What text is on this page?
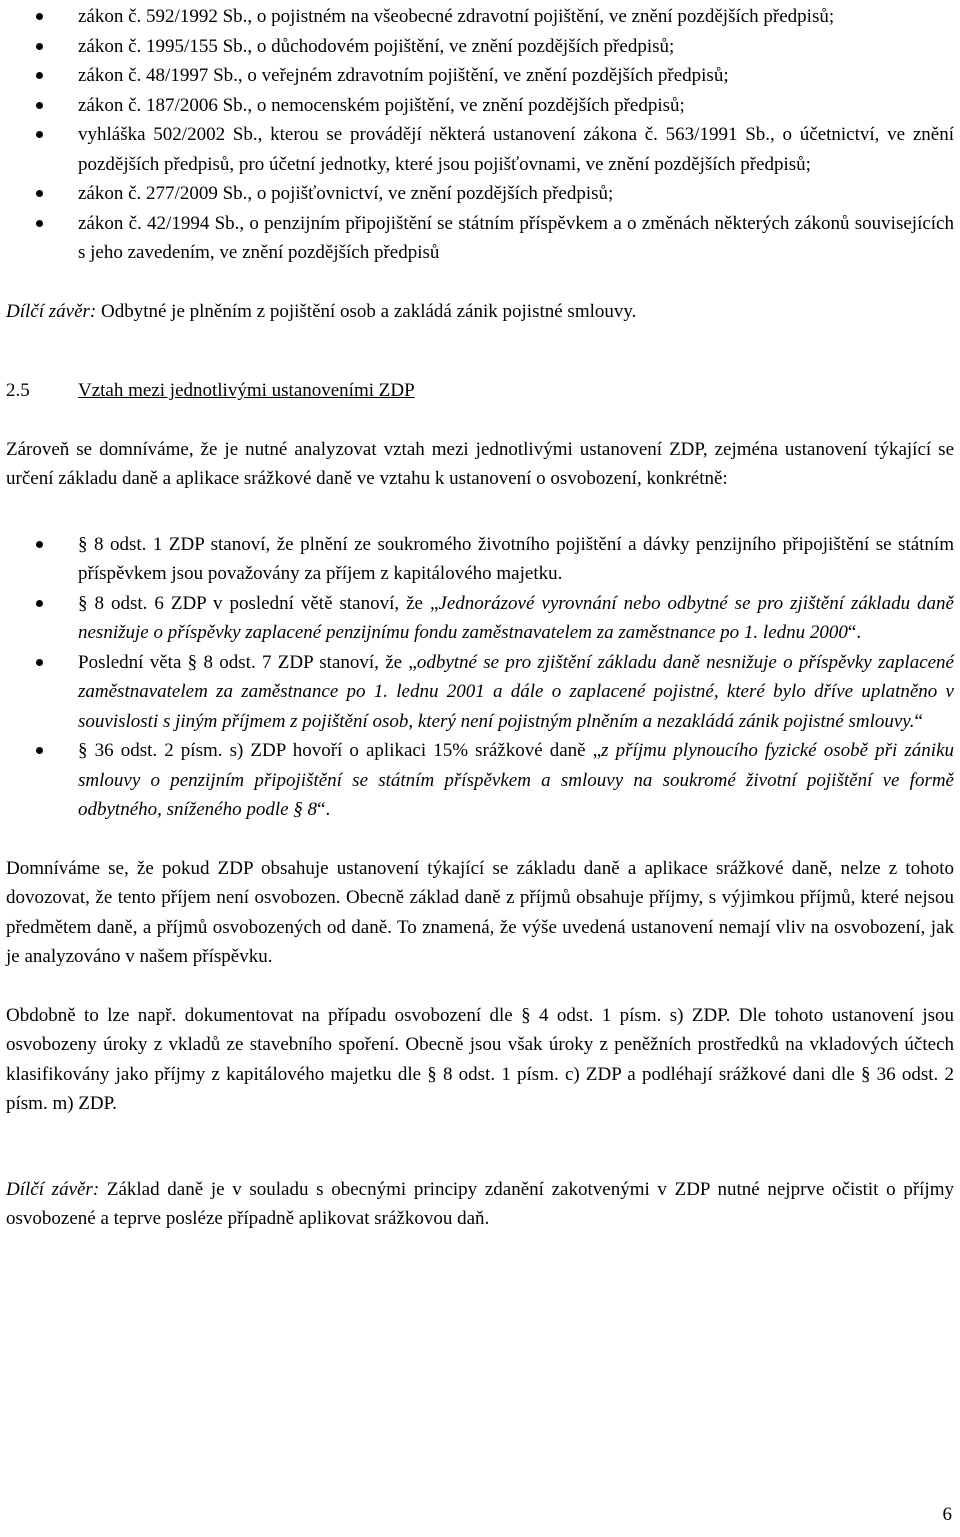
zákon č. 592/1992 Sb., o pojistném na všeobecné zdravotní pojištění, ve znění pozdějších předpisů;
zákon č. 1995/155 Sb., o důchodovém pojištění, ve znění pozdějších předpisů;
zákon č. 48/1997 Sb., o veřejném zdravotním pojištění, ve znění pozdějších předpisů;
zákon č. 187/2006 Sb., o nemocenském pojištění, ve znění pozdějších předpisů;
vyhláška 502/2002 Sb., kterou se provádějí některá ustanovení zákona č. 563/1991 Sb., o účetnictví, ve znění pozdějších předpisů, pro účetní jednotky, které jsou pojišťovnami, ve znění pozdějších předpisů;
zákon č. 277/2009 Sb., o pojišťovnictví, ve znění pozdějších předpisů;
zákon č. 42/1994 Sb., o penzijním připojištění se státním příspěvkem a o změnách některých zákonů souvisejících s jeho zavedením, ve znění pozdějších předpisů

Dílčí závěr: Odbytné je plněním z pojištění osob a zakládá zánik pojistné smlouvy.

2.5	Vztah mezi jednotlivými ustanoveními ZDP

Zároveň se domníváme, že je nutné analyzovat vztah mezi jednotlivými ustanovení ZDP, zejména ustanovení týkající se určení základu daně a aplikace srážkové daně ve vztahu k ustanovení o osvobození, konkrétně:

§ 8 odst. 1 ZDP stanoví, že plnění ze soukromého životního pojištění a dávky penzijního připojištění se státním příspěvkem jsou považovány za příjem z kapitálového majetku.
§ 8 odst. 6 ZDP v poslední větě stanoví, že „Jednorázové vyrovnání nebo odbytné se pro zjištění základu daně nesnižuje o příspěvky zaplacené penzijnímu fondu zaměstnavatelem za zaměstnance po 1. lednu 2000“.
Poslední věta § 8 odst. 7 ZDP stanoví, že „odbytné se pro zjištění základu daně nesnižuje o příspěvky zaplacené zaměstnavatelem za zaměstnance po 1. lednu 2001 a dále o zaplacené pojistné, které bylo dříve uplatněno v souvislosti s jiným příjmem z pojištění osob, který není pojistným plněním a nezakládá zánik pojistné smlouvy.“
§ 36 odst. 2 písm. s) ZDP hovoří o aplikaci 15% srážkové daně „z příjmu plynoucího fyzické osobě při zániku smlouvy o penzijním připojištění se státním příspěvkem a smlouvy na soukromé životní pojištění ve formě odbytného, sníženého podle § 8“.

Domníváme se, že pokud ZDP obsahuje ustanovení týkající se základu daně a aplikace srážkové daně, nelze z tohoto dovozovat, že tento příjem není osvobozen. Obecně základ daně z příjmů obsahuje příjmy, s výjimkou příjmů, které nejsou předmětem daně, a příjmů osvobozených od daně. To znamená, že výše uvedená ustanovení nemají vliv na osvobození, jak je analyzováno v našem příspěvku.

Obdobně to lze např. dokumentovat na případu osvobození dle § 4 odst. 1 písm. s) ZDP. Dle tohoto ustanovení jsou osvobozeny úroky z vkladů ze stavebního spoření. Obecně jsou však úroky z peněžních prostředků na vkladových účtech klasifikovány jako příjmy z kapitálového majetku dle § 8 odst. 1 písm. c) ZDP a podléhají srážkové dani dle § 36 odst. 2 písm. m) ZDP.

Dílčí závěr: Základ daně je v souladu s obecnými principy zdanění zakotvenými v ZDP nutné nejprve očistit o příjmy osvobozené a teprve posléze případně aplikovat srážkovou daň.

6
